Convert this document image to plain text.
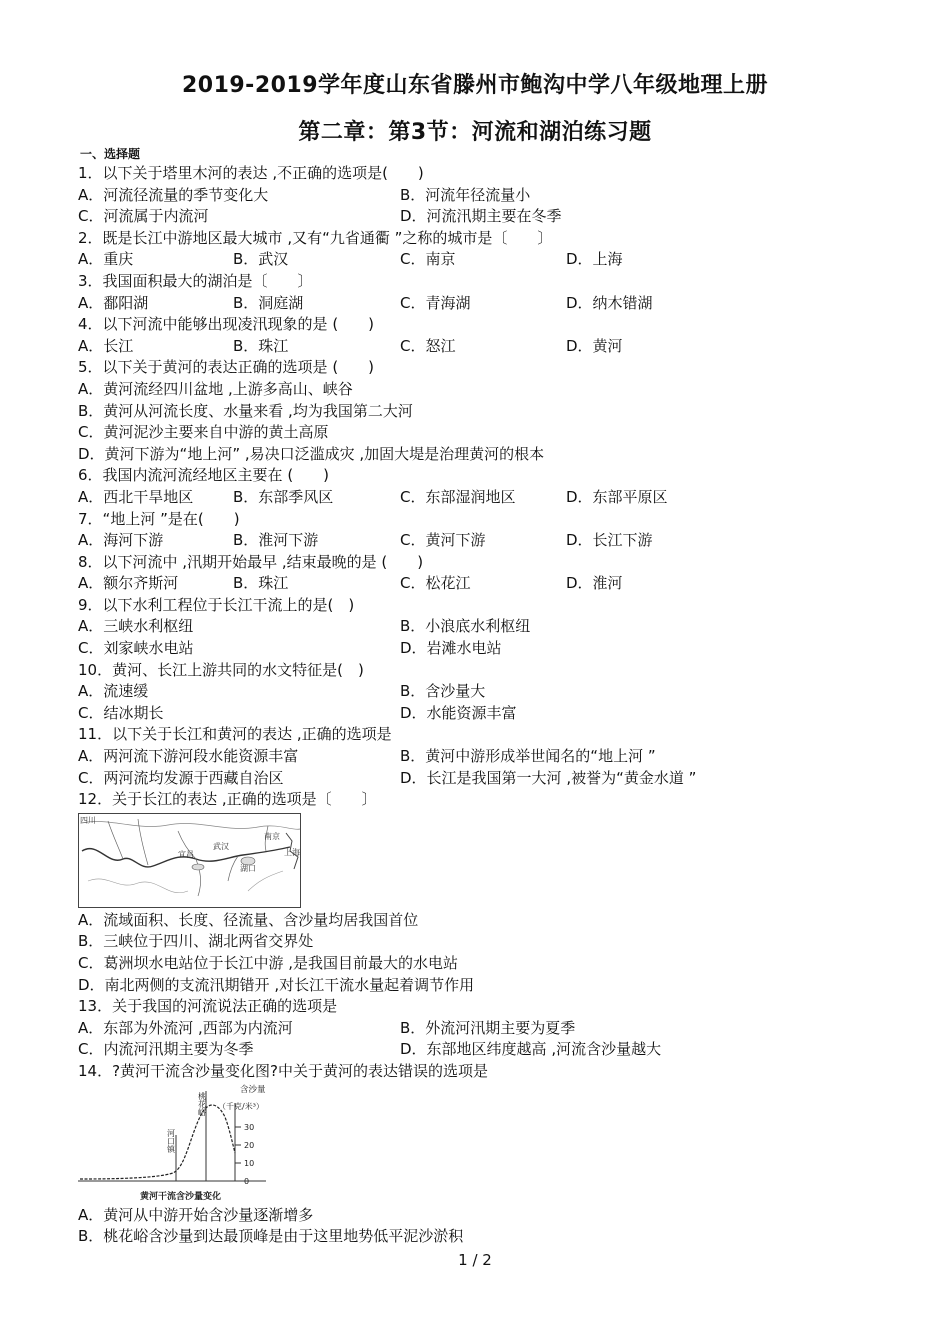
2019-2019学年度山东省滕州市鲍沟中学八年级地理上册
第二章：第3节：河流和湖泊练习题
一、选择题
1．以下关于塔里木河的表达 ,不正确的选项是(　　)
A．河流径流量的季节变化大	B．河流年径流量小
C．河流属于内流河	D．河流汛期主要在冬季
2．既是长江中游地区最大城市 ,又有“九省通衢 ”之称的城市是〔　　〕
A．重庆	B．武汉	C．南京	D．上海
3．我国面积最大的湖泊是〔　　〕
A．鄱阳湖	B．洞庭湖	C．青海湖	D．纳木错湖
4．以下河流中能够出现凌汛现象的是 (　　)
A．长江	B．珠江	C．怒江	D．黄河
5．以下关于黄河的表达正确的选项是 (　　)
A．黄河流经四川盆地 ,上游多高山、峡谷
B．黄河从河流长度、水量来看 ,均为我国第二大河
C．黄河泥沙主要来自中游的黄土高原
D．黄河下游为“地上河” ,易决口泛滥成灾 ,加固大堤是治理黄河的根本
6．我国内流河流经地区主要在 (　　)
A．西北干旱地区	B．东部季风区	C．东部湿润地区	D．东部平原区
7．“地上河 ”是在(　　)
A．海河下游	B．淮河下游	C．黄河下游	D．长江下游
8．以下河流中 ,汛期开始最早 ,结束最晚的是 (　　)
A．额尔齐斯河	B．珠江	C．松花江	D．淮河
9．以下水利工程位于长江干流上的是(　)
A．三峡水利枢纽	B．小浪底水利枢纽
C．刘家峡水电站	D．岩滩水电站
10．黄河、长江上游共同的水文特征是(　)
A．流速缓	B．含沙量大
C．结冰期长	D．水能资源丰富
11．以下关于长江和黄河的表达 ,正确的选项是
A．两河流下游河段水能资源丰富	B．黄河中游形成举世闻名的“地上河 ”
C．两河流均发源于西藏自治区	D．长江是我国第一大河 ,被誉为“黄金水道 ”
12．关于长江的表达 ,正确的选项是〔　　〕
四川
宜昌
武汉
南京
上海
湖口
A．流域面积、长度、径流量、含沙量均居我国首位
B．三峡位于四川、湖北两省交界处
C．葛洲坝水电站位于长江中游 ,是我国目前最大的水电站
D．南北两侧的支流汛期错开 ,对长江干流水量起着调节作用
13．关于我国的河流说法正确的选项是
A．东部为外流河 ,西部为内流河	B．外流河汛期主要为夏季
C．内流河汛期主要为冬季	D．东部地区纬度越高 ,河流含沙量越大
14．?黄河干流含沙量变化图?中关于黄河的表达错误的选项是
0
10
20
30
含沙量
（千克/米³）
桃花峪
河口镇
黄河干流含沙量变化
A．黄河从中游开始含沙量逐渐增多
B．桃花峪含沙量到达最顶峰是由于这里地势低平泥沙淤积
1 / 2
